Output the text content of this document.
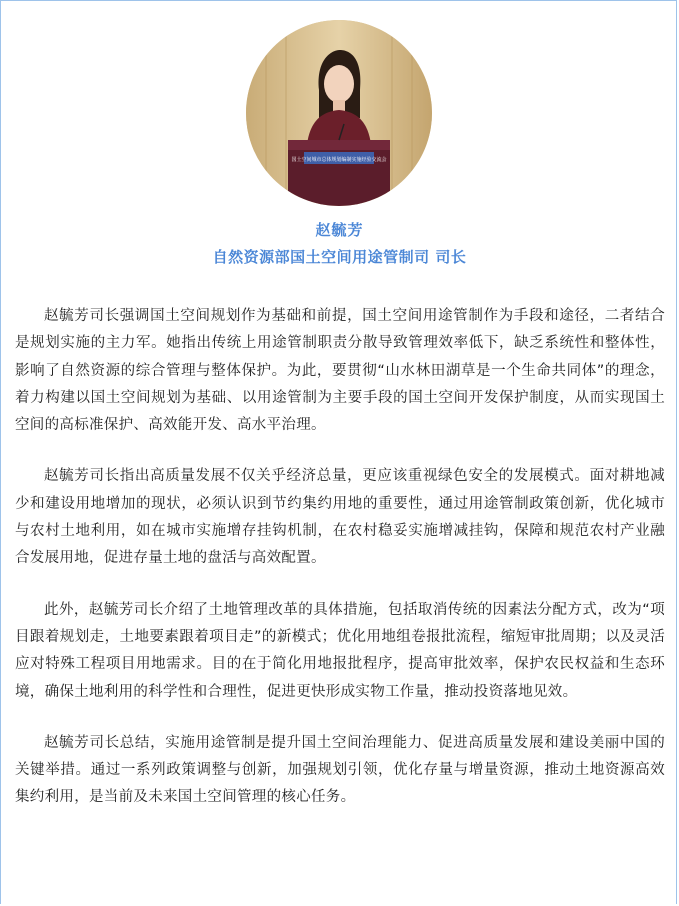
国土空间城市总体规划编制实施经验交流会
赵毓芳
自然资源部国土空间用途管制司 司长

赵毓芳司长强调国土空间规划作为基础和前提，国土空间用途管制作为手段和途径，二者结合是规划实施的主力军。她指出传统上用途管制职责分散导致管理效率低下，缺乏系统性和整体性，影响了自然资源的综合管理与整体保护。为此，要贯彻“山水林田湖草是一个生命共同体”的理念，着力构建以国土空间规划为基础、以用途管制为主要手段的国土空间开发保护制度，从而实现国土空间的高标准保护、高效能开发、高水平治理。

赵毓芳司长指出高质量发展不仅关乎经济总量，更应该重视绿色安全的发展模式。面对耕地减少和建设用地增加的现状，必须认识到节约集约用地的重要性，通过用途管制政策创新，优化城市与农村土地利用，如在城市实施增存挂钩机制，在农村稳妥实施增减挂钩，保障和规范农村产业融合发展用地，促进存量土地的盘活与高效配置。

此外，赵毓芳司长介绍了土地管理改革的具体措施，包括取消传统的因素法分配方式，改为“项目跟着规划走，土地要素跟着项目走”的新模式；优化用地组卷报批流程，缩短审批周期；以及灵活应对特殊工程项目用地需求。目的在于简化用地报批程序，提高审批效率，保护农民权益和生态环境，确保土地利用的科学性和合理性，促进更快形成实物工作量，推动投资落地见效。

赵毓芳司长总结，实施用途管制是提升国土空间治理能力、促进高质量发展和建设美丽中国的关键举措。通过一系列政策调整与创新，加强规划引领，优化存量与增量资源，推动土地资源高效集约利用，是当前及未来国土空间管理的核心任务。
